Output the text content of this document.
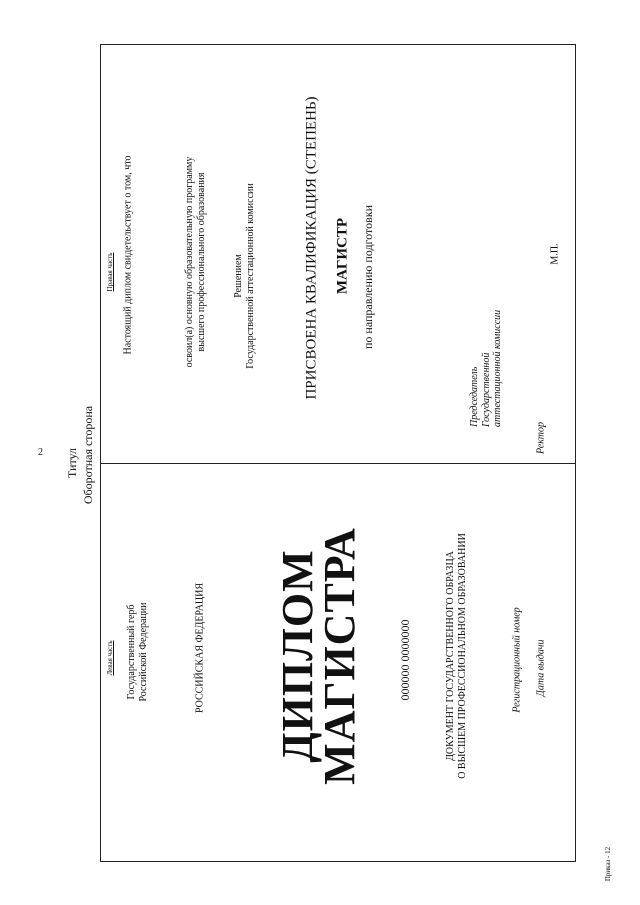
2 Титул Оборотная сторона
Левая часть Государственный герб Российской Федерации	РОССИЙСКАЯ ФЕДЕРАЦИЯ ДИПЛОМ
МАГИСТРА	000000 0000000	ДОКУМЕНТ ГОСУДАРСТВЕННОГО ОБРАЗЦА О ВЫСШЕМ ПРОФЕССИОНАЛЬНОМ ОБРАЗОВАНИИ	Регистрационный номер Дата выдачи
Правая часть Настоящий диплом свидетельствует о том, что	освоил(а) основную образовательную программу высшего профессионального образования	Решением Государственной аттестационной комиссии	ПРИСВОЕНА КВАЛИФИКАЦИЯ (СТЕПЕНЬ) МАГИСТР по направлению подготовки
Председатель Государственной аттестационной комиссии
Ректор
М.П.
Приказ - 12
